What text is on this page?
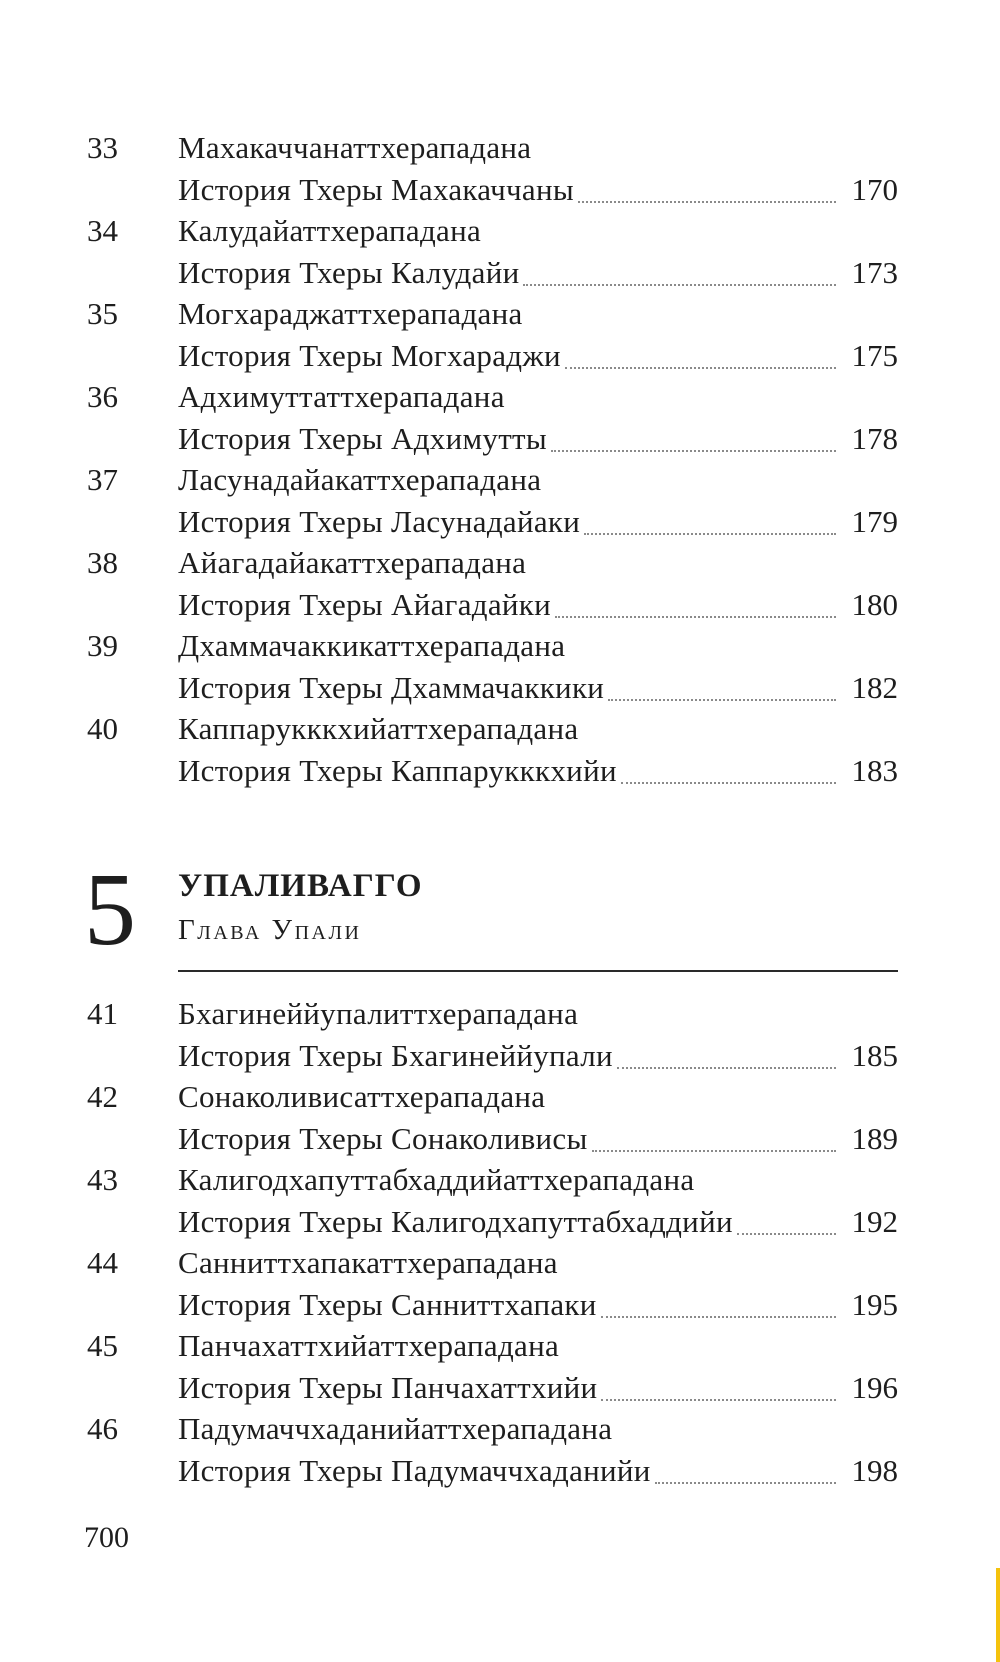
33 Махакаччанаттхерападана
История Тхеры Махакаччаны	170
34 Калудайаттхерападана
История Тхеры Калудайи	173
35 Могхараджаттхерападана
История Тхеры Могхараджи	175
36 Адхимуттаттхерападана
История Тхеры Адхимутты	178
37 Ласунадайакаттхерападана
История Тхеры Ласунадайаки	179
38 Айагадайакаттхерападана
История Тхеры Айагадайки	180
39 Дхаммачаккикаттхерападана
История Тхеры Дхаммачаккики	182
40 Каппарукккхийаттхерападана
История Тхеры Каппарукккхийи	183
5 УПАЛИВАГГО
Глава Упали
41 Бхагинеййупалиттхерападана
История Тхеры Бхагинеййупали	185
42 Сонаколивисаттхерападана
История Тхеры Сонаколивисы	189
43 Калигодхапуттабхаддийаттхерападана
История Тхеры Калигодхапуттабхаддийи	192
44 Санниттхапакаттхерападана
История Тхеры Санниттхапаки	195
45 Панчахаттхийаттхерападана
История Тхеры Панчахаттхийи	196
46 Падумаччхаданийаттхерападана
История Тхеры Падумаччхаданийи	198
700
